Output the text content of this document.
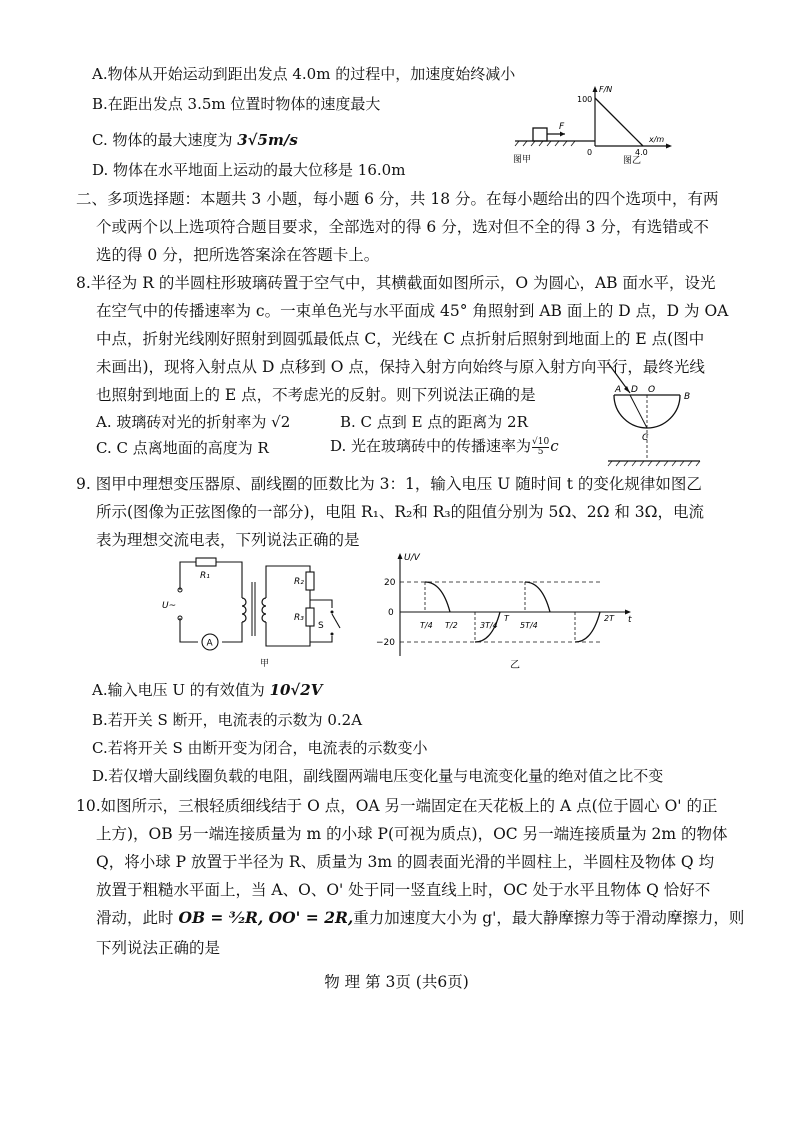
A.物体从开始运动到距出发点 4.0m 的过程中，加速度始终减小
B.在距出发点 3.5m 位置时物体的速度最大
C. 物体的最大速度为 3√5m/s
D. 物体在水平地面上运动的最大位移是 16.0m
F
图甲
F/N
100
0	4.0
x/m
图乙
二、多项选择题：本题共 3 小题，每小题 6 分，共 18 分。在每小题给出的四个选项中，有两
个或两个以上选项符合题目要求，全部选对的得 6 分，选对但不全的得 3 分，有选错或不
选的得 0 分，把所选答案涂在答题卡上。
8.半径为 R 的半圆柱形玻璃砖置于空气中，其横截面如图所示，O 为圆心，AB 面水平，设光
在空气中的传播速率为 c。一束单色光与水平面成 45° 角照射到 AB 面上的 D 点，D 为 OA
中点，折射光线刚好照射到圆弧最低点 C，光线在 C 点折射后照射到地面上的 E 点(图中
未画出)，现将入射点从 D 点移到 O 点，保持入射方向始终与原入射方向平行，最终光线
也照射到地面上的 E 点，不考虑光的反射。则下列说法正确的是
A. 玻璃砖对光的折射率为 √2	B. C 点到 E 点的距离为 2R
C. C 点离地面的高度为 R	D. 光在玻璃砖中的传播速率为 $\frac{√10}{5}$ c
A D O
B
C
9. 图甲中理想变压器原、副线圈的匝数比为 3：1，输入电压 U 随时间 t 的变化规律如图乙
所示(图像为正弦图像的一部分)，电阻 R₁、R₂和 R₃的阻值分别为 5Ω、2Ω 和 3Ω，电流
表为理想交流电表，下列说法正确的是
R₁
U~
A
R₂
R₃
S
甲
U/V
20
0
−20
t
T/4 T/2	3T/4
T
5T/4
2T
乙
A.输入电压 U 的有效值为 10√2V
B.若开关 S 断开，电流表的示数为 0.2A
C.若将开关 S 由断开变为闭合，电流表的示数变小
D.若仅增大副线圈负载的电阻，副线圈两端电压变化量与电流变化量的绝对值之比不变
10.如图所示，三根轻质细线结于 O 点，OA 另一端固定在天花板上的 A 点(位于圆心 O' 的正
上方)，OB 另一端连接质量为 m 的小球 P(可视为质点)，OC 另一端连接质量为 2m 的物体
Q，将小球 P 放置于半径为 R、质量为 3m 的圆表面光滑的半圆柱上，半圆柱及物体 Q 均
放置于粗糙水平面上，当 A、O、O' 处于同一竖直线上时，OC 处于水平且物体 Q 恰好不
滑动，此时 OB = ³⁄₂R, OO' = 2R,重力加速度大小为 g'，最大静摩擦力等于滑动摩擦力，则
下列说法正确的是
物 理 第 3页 (共6页)
